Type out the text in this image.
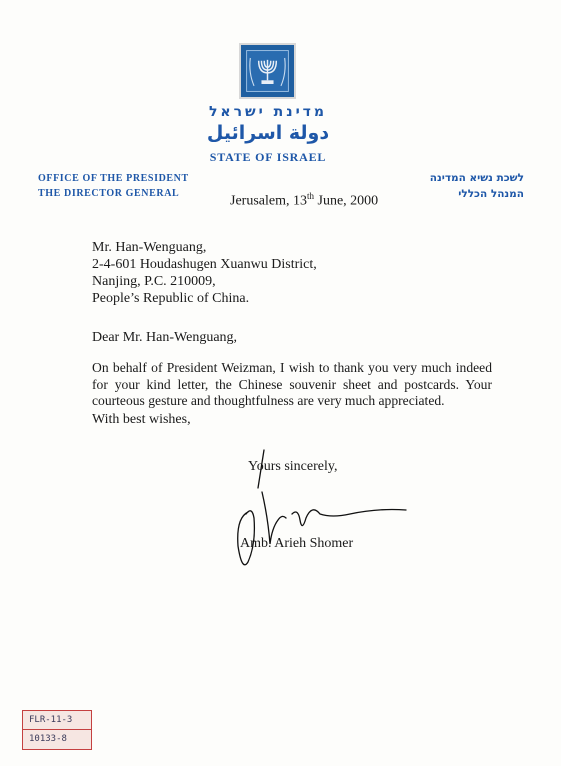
מדינת ישראל
دولة اسرائيل
STATE OF ISRAEL
OFFICE OF THE PRESIDENT
THE DIRECTOR GENERAL
לשכת נשיא המדינה
המנהל הכללי
Jerusalem, 13th June, 2000
Mr. Han-Wenguang,
2-4-601 Houdashugen Xuanwu District,
Nanjing, P.C. 210009,
People’s Republic of China.
Dear Mr. Han-Wenguang,
On behalf of President Weizman, I wish to thank you very much indeed for your kind letter, the Chinese souvenir sheet and postcards. Your courteous gesture and thoughtfulness are very much appreciated.
With best wishes,
Yours sincerely,
Amb. Arieh Shomer
FLR-11-3
10133-8
